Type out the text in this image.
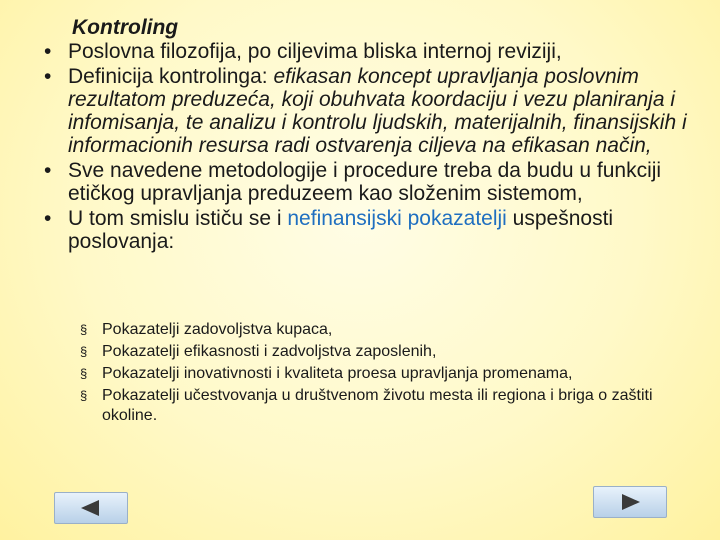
Kontroling
• Poslovna filozofija, po ciljevima bliska internoj reviziji,
• Definicija kontrolinga: efikasan koncept upravljanja poslovnim rezultatom preduzeća, koji obuhvata koordaciju i vezu planiranja i infomisanja, te analizu i kontrolu ljudskih, materijalnih, finansijskih i informacionih resursa radi ostvarenja ciljeva na efikasan način,
• Sve navedene metodologije i procedure treba da budu u funkciji etičkog upravljanja preduzeem kao složenim sistemom,
• U tom smislu ističu se i nefinansijski pokazatelji uspešnosti poslovanja:
§ Pokazatelji zadovoljstva kupaca,
§ Pokazatelji efikasnosti i zadvoljstva zaposlenih,
§ Pokazatelji inovativnosti i kvaliteta proesa upravljanja promenama,
§ Pokazatelji učestvovanja u društvenom životu mesta ili regiona i briga o zaštiti okoline.
